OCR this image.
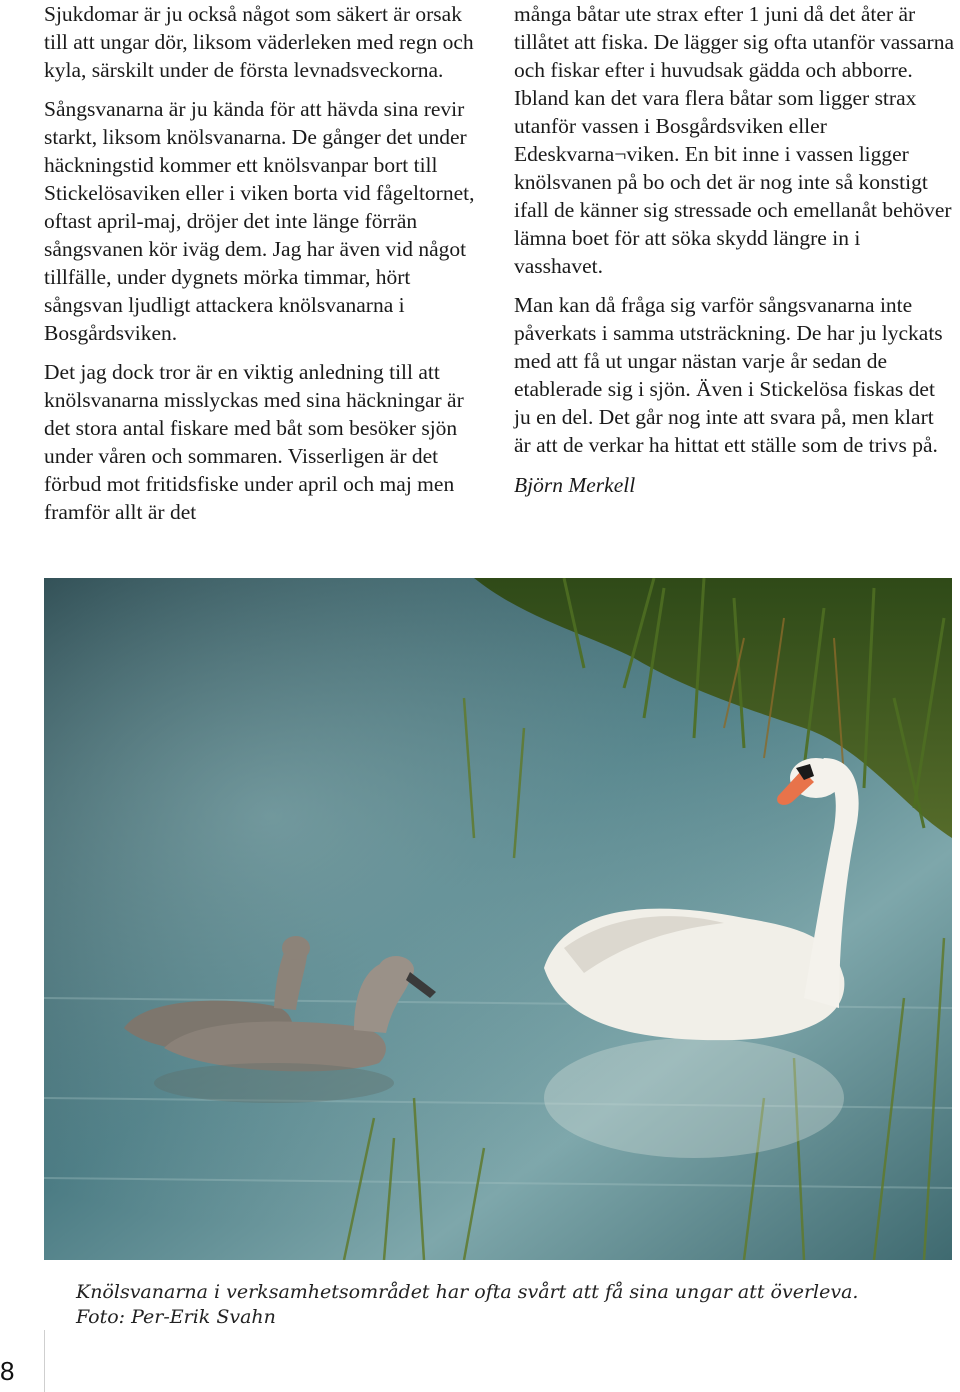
Sjukdomar är ju också något som säkert är orsak till att ungar dör, liksom väderleken med regn och kyla, särskilt under de första levnadsveckorna.

Sångsvanarna är ju kända för att hävda sina revir starkt, liksom knölsvanarna. De gånger det under häckningstid kommer ett knölsvanpar bort till Stickelösaviken eller i viken borta vid fågeltornet, oftast april-maj, dröjer det inte länge förrän sångsvanen kör iväg dem. Jag har även vid något tillfälle, under dygnets mörka timmar, hört sångsvan ljudligt attackera knölsvanarna i Bosgårdsviken.

Det jag dock tror är en viktig anledning till att knölsvanarna misslyckas med sina häckningar är det stora antal fiskare med båt som besöker sjön under våren och sommaren. Visserligen är det förbud mot fritidsfiske under april och maj men framför allt är det

många båtar ute strax efter 1 juni då det åter är tillåtet att fiska. De lägger sig ofta utanför vassarna och fiskar efter i huvudsak gädda och abborre. Ibland kan det vara flera båtar som ligger strax utanför vassen i Bosgårdsviken eller Edeskvarna¬viken. En bit inne i vassen ligger knölsvanen på bo och det är nog inte så konstigt ifall de känner sig stressade och emellanåt behöver lämna boet för att söka skydd längre in i vasshavet.

Man kan då fråga sig varför sångsvanarna inte påverkats i samma utsträckning. De har ju lyckats med att få ut ungar nästan varje år sedan de etablerade sig i sjön. Även i Stickelösa fiskas det ju en del. Det går nog inte att svara på, men klart är att de verkar ha hittat ett ställe som de trivs på.

Björn Merkell

Knölsvanarna i verksamhetsområdet har ofta svårt att få sina ungar att överleva.
Foto: Per-Erik Svahn
8
